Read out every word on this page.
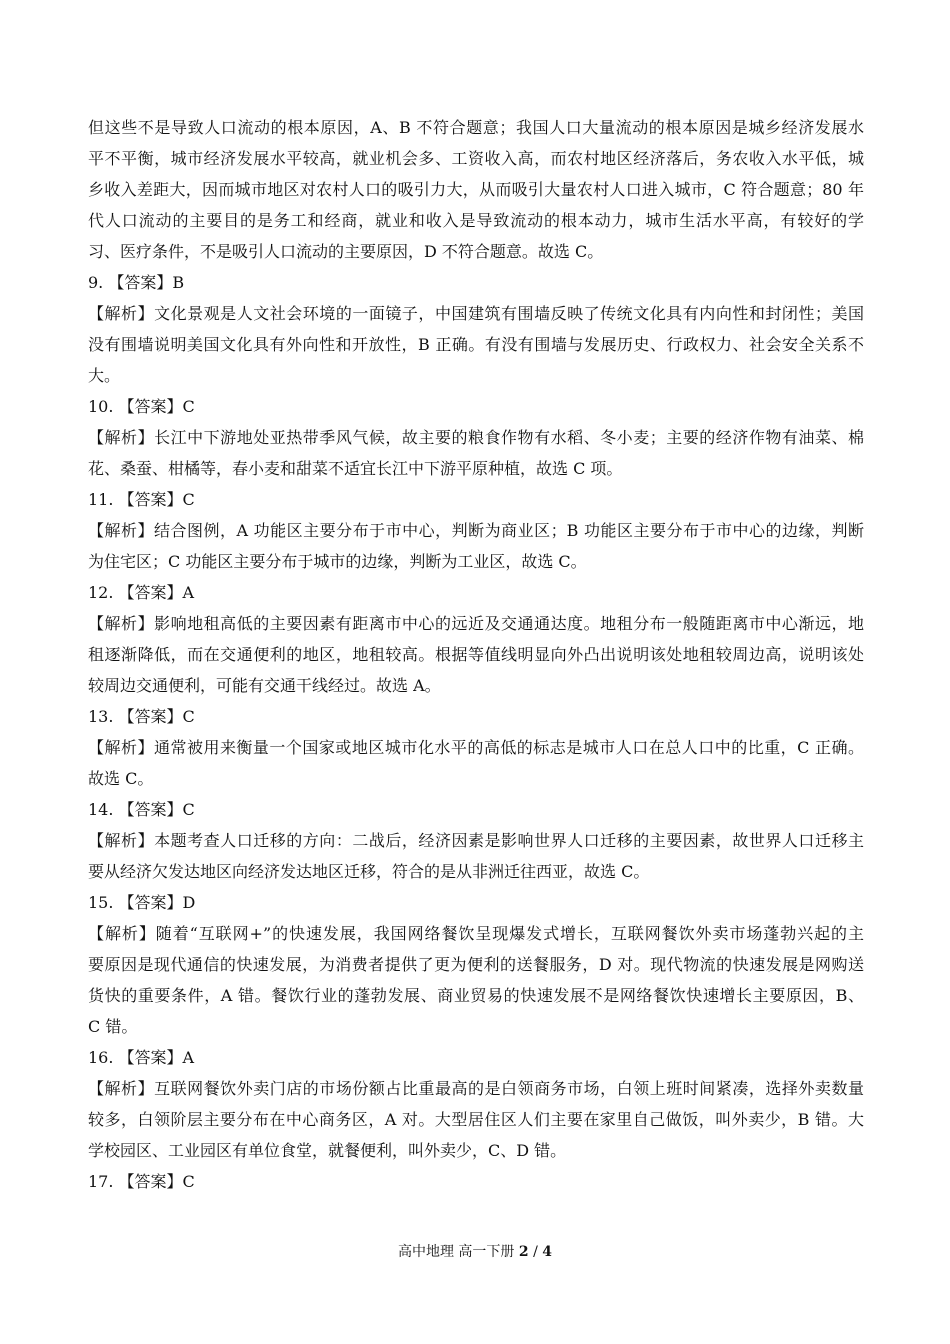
但这些不是导致人口流动的根本原因，A、B 不符合题意；我国人口大量流动的根本原因是城乡经济发展水
平不平衡，城市经济发展水平较高，就业机会多、工资收入高，而农村地区经济落后，务农收入水平低，城
乡收入差距大，因而城市地区对农村人口的吸引力大，从而吸引大量农村人口进入城市，C 符合题意；80 年
代人口流动的主要目的是务工和经商，就业和收入是导致流动的根本动力，城市生活水平高，有较好的学
习、医疗条件，不是吸引人口流动的主要原因，D 不符合题意。故选 C。
9. 【答案】B
【解析】文化景观是人文社会环境的一面镜子，中国建筑有围墙反映了传统文化具有内向性和封闭性；美国
没有围墙说明美国文化具有外向性和开放性，B 正确。有没有围墙与发展历史、行政权力、社会安全关系不
大。
10. 【答案】C
【解析】长江中下游地处亚热带季风气候，故主要的粮食作物有水稻、冬小麦；主要的经济作物有油菜、棉
花、桑蚕、柑橘等，春小麦和甜菜不适宜长江中下游平原种植，故选 C 项。
11. 【答案】C
【解析】结合图例，A 功能区主要分布于市中心，判断为商业区；B 功能区主要分布于市中心的边缘，判断
为住宅区；C 功能区主要分布于城市的边缘，判断为工业区，故选 C。
12. 【答案】A
【解析】影响地租高低的主要因素有距离市中心的远近及交通通达度。地租分布一般随距离市中心渐远，地
租逐渐降低，而在交通便利的地区，地租较高。根据等值线明显向外凸出说明该处地租较周边高，说明该处
较周边交通便利，可能有交通干线经过。故选 A。
13. 【答案】C
【解析】通常被用来衡量一个国家或地区城市化水平的高低的标志是城市人口在总人口中的比重，C 正确。
故选 C。
14. 【答案】C
【解析】本题考查人口迁移的方向：二战后，经济因素是影响世界人口迁移的主要因素，故世界人口迁移主
要从经济欠发达地区向经济发达地区迁移，符合的是从非洲迁往西亚，故选 C。
15. 【答案】D
【解析】随着“互联网+”的快速发展，我国网络餐饮呈现爆发式增长，互联网餐饮外卖市场蓬勃兴起的主
要原因是现代通信的快速发展，为消费者提供了更为便利的送餐服务，D 对。现代物流的快速发展是网购送
货快的重要条件，A 错。餐饮行业的蓬勃发展、商业贸易的快速发展不是网络餐饮快速增长主要原因，B、
C 错。
16. 【答案】A
【解析】互联网餐饮外卖门店的市场份额占比重最高的是白领商务市场，白领上班时间紧凑，选择外卖数量
较多，白领阶层主要分布在中心商务区，A 对。大型居住区人们主要在家里自己做饭，叫外卖少，B 错。大
学校园区、工业园区有单位食堂，就餐便利，叫外卖少，C、D 错。
17. 【答案】C
高中地理 高一下册 2 / 4
